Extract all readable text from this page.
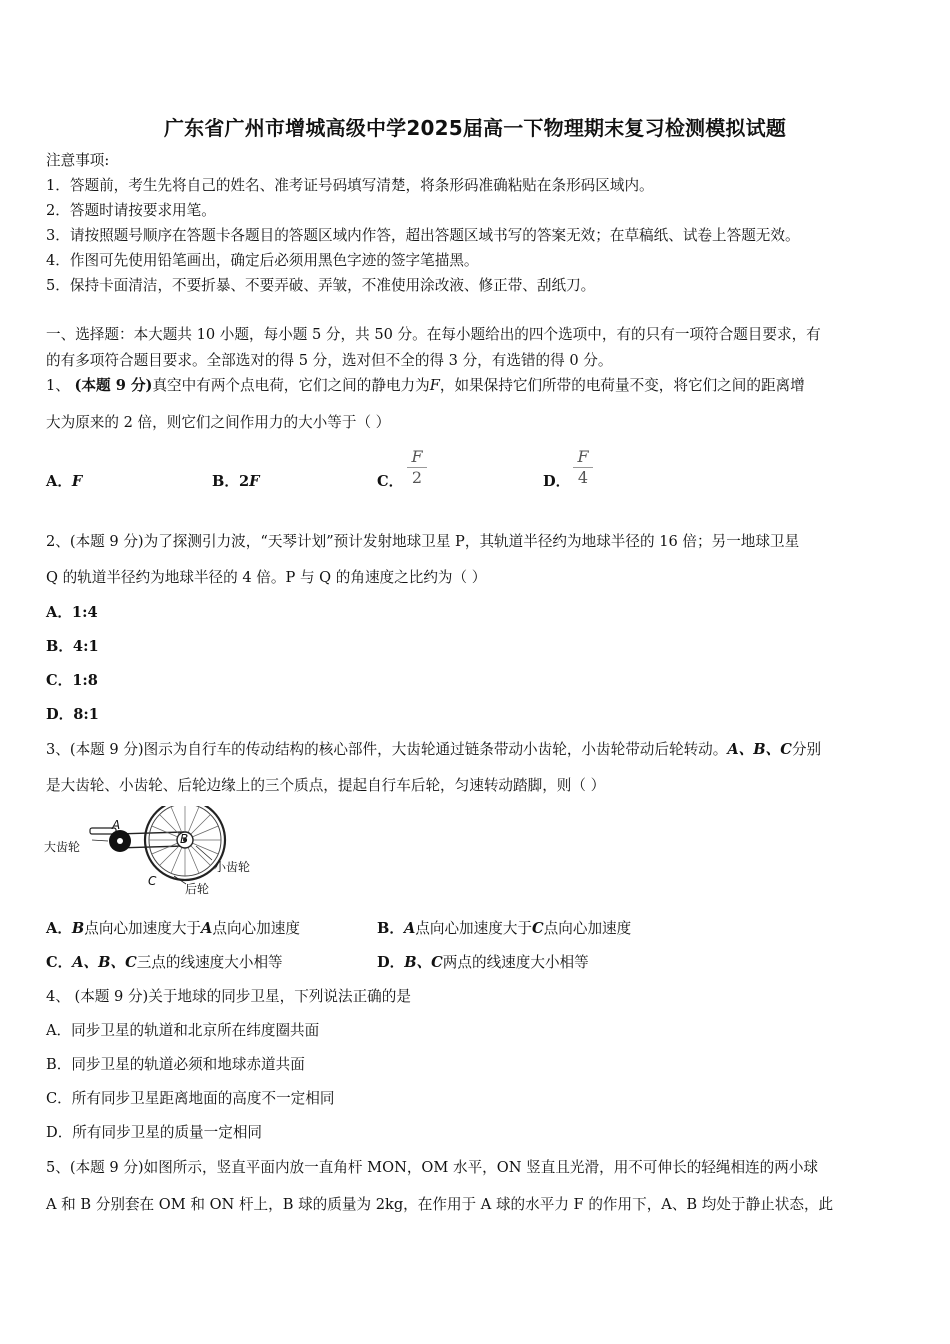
广东省广州市增城高级中学2025届高一下物理期末复习检测模拟试题
注意事项:
1．答题前，考生先将自己的姓名、准考证号码填写清楚，将条形码准确粘贴在条形码区域内。
2．答题时请按要求用笔。
3．请按照题号顺序在答题卡各题目的答题区域内作答，超出答题区域书写的答案无效；在草稿纸、试卷上答题无效。
4．作图可先使用铅笔画出，确定后必须用黑色字迹的签字笔描黑。
5．保持卡面清洁，不要折暴、不要弄破、弄皱，不准使用涂改液、修正带、刮纸刀。
一、选择题：本大题共 10 小题，每小题 5 分，共 50 分。在每小题给出的四个选项中，有的只有一项符合题目要求，有
的有多项符合题目要求。全部选对的得 5 分，选对但不全的得 3 分，有选错的得 0 分。
1、 (本题 9 分)真空中有两个点电荷，它们之间的静电力为F，如果保持它们所带的电荷量不变，将它们之间的距离增
大为原来的 2 倍，则它们之间作用力的大小等于（ ）
A．F	B．2F	C．
F
2	D．
F
4
2、(本题 9 分)为了探测引力波，“天琴计划”预计发射地球卫星 P，其轨道半径约为地球半径的 16 倍；另一地球卫星
Q 的轨道半径约为地球半径的 4 倍。P 与 Q 的角速度之比约为（ ）
A．1:4
B．4:1
C．1:8
D．8:1
3、(本题 9 分)图示为自行车的传动结构的核心部件，大齿轮通过链条带动小齿轮，小齿轮带动后轮转动。A、B、C分别
是大齿轮、小齿轮、后轮边缘上的三个质点，提起自行车后轮，匀速转动踏脚，则（ ）
大齿轮
A
B
小齿轮
C
后轮
A．B点向心加速度大于A点向心加速度	B．A点向心加速度大于C点向心加速度
C．A、B、C三点的线速度大小相等	D．B、C两点的线速度大小相等
4、 (本题 9 分)关于地球的同步卫星，下列说法正确的是
A．同步卫星的轨道和北京所在纬度圈共面
B．同步卫星的轨道必须和地球赤道共面
C．所有同步卫星距离地面的高度不一定相同
D．所有同步卫星的质量一定相同
5、(本题 9 分)如图所示，竖直平面内放一直角杆 MON，OM 水平，ON 竖直且光滑，用不可伸长的轻绳相连的两小球
A 和 B 分别套在 OM 和 ON 杆上，B 球的质量为 2kg，在作用于 A 球的水平力 F 的作用下，A、B 均处于静止状态，此
